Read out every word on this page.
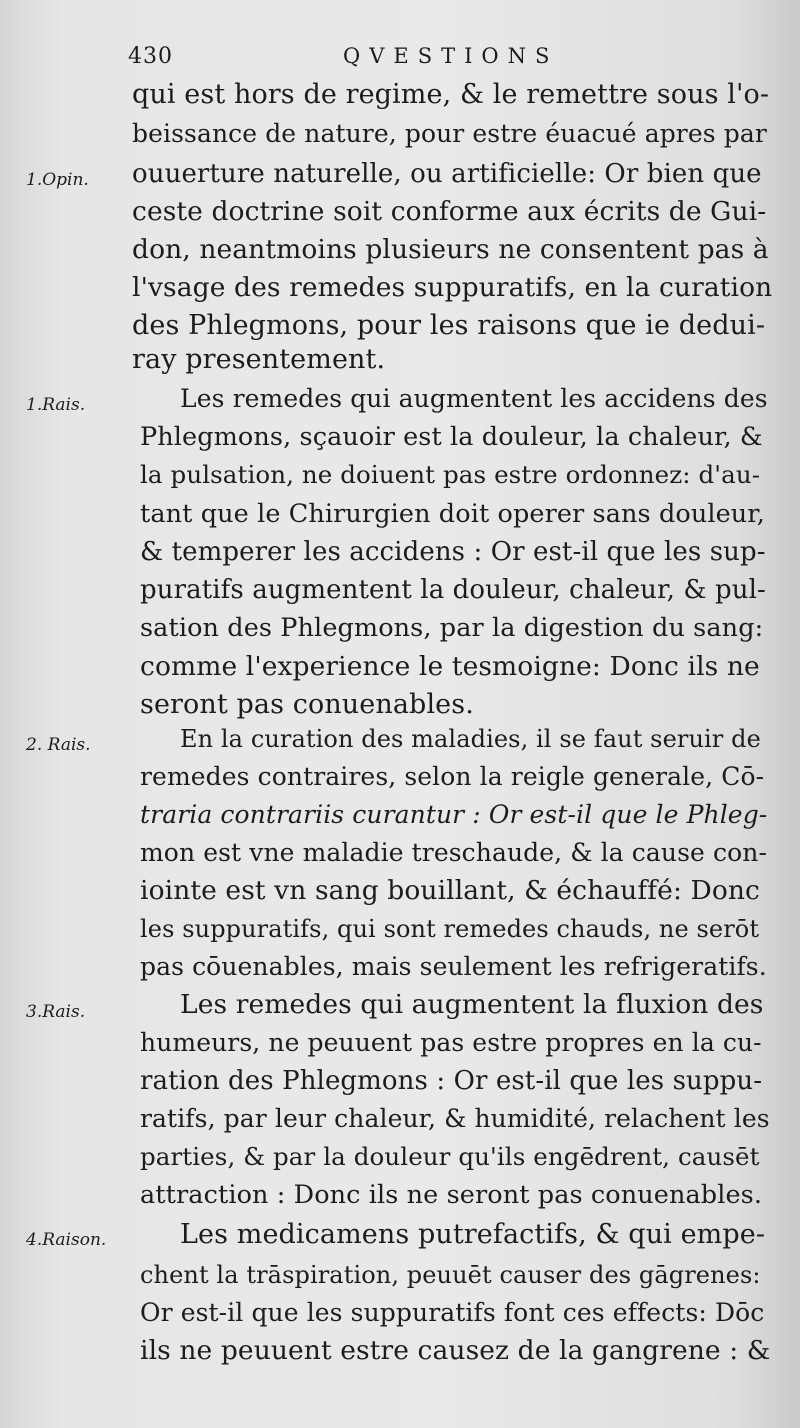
430	QVESTIONS
1.Opin.
1.Rais.
2. Rais.
3.Rais.
4.Raison.
qui est hors de regime, & le remettre sous l'o-
beissance de nature, pour estre éuacué apres par
ouuerture naturelle, ou artificielle: Or bien que
ceste doctrine soit conforme aux écrits de Gui-
don, neantmoins plusieurs ne consentent pas à
l'vsage des remedes suppuratifs, en la curation
des Phlegmons, pour les raisons que ie dedui-
ray presentement.
Les remedes qui augmentent les accidens des
Phlegmons, sçauoir est la douleur, la chaleur, &
la pulsation, ne doiuent pas estre ordonnez: d'au-
tant que le Chirurgien doit operer sans douleur,
& temperer les accidens : Or est-il que les sup-
puratifs augmentent la douleur, chaleur, & pul-
sation des Phlegmons, par la digestion du sang:
comme l'experience le tesmoigne: Donc ils ne
seront pas conuenables.
En la curation des maladies, il se faut seruir de
remedes contraires, selon la reigle generale, Cō-
traria contrariis curantur : Or est-il que le Phleg-
mon est vne maladie treschaude, & la cause con-
iointe est vn sang bouillant, & échauffé: Donc
les suppuratifs, qui sont remedes chauds, ne serōt
pas cōuenables, mais seulement les refrigeratifs.
Les remedes qui augmentent la fluxion des
humeurs, ne peuuent pas estre propres en la cu-
ration des Phlegmons : Or est-il que les suppu-
ratifs, par leur chaleur, & humidité, relachent les
parties, & par la douleur qu'ils engēdrent, causēt
attraction : Donc ils ne seront pas conuenables.
Les medicamens putrefactifs, & qui empe-
chent la trāspiration, peuuēt causer des gāgrenes:
Or est-il que les suppuratifs font ces effects: Dōc
ils ne peuuent estre causez de la gangrene : &
